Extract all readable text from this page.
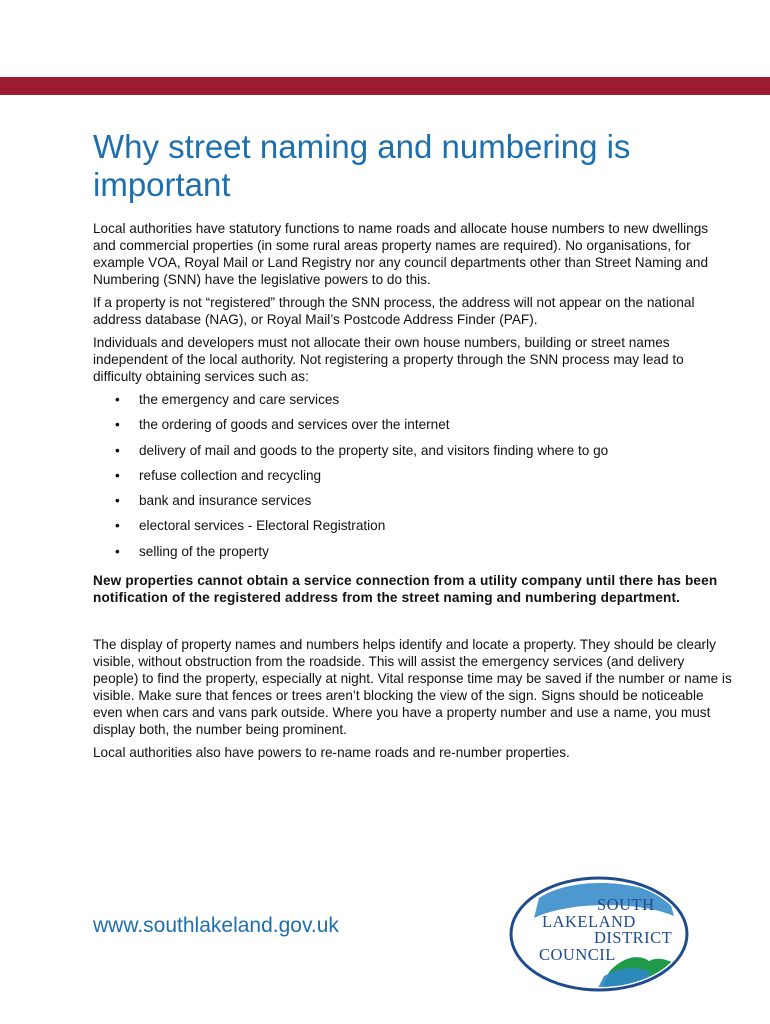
Why street naming and numbering is important

Local authorities have statutory functions to name roads and allocate house numbers to new dwellings and commercial properties (in some rural areas property names are required). No organisations, for example VOA, Royal Mail or Land Registry nor any council departments other than Street Naming and Numbering (SNN) have the legislative powers to do this.

If a property is not “registered” through the SNN process, the address will not appear on the national address database (NAG), or Royal Mail’s Postcode Address Finder (PAF).

Individuals and developers must not allocate their own house numbers, building or street names independent of the local authority. Not registering a property through the SNN process may lead to difficulty obtaining services such as:

• the emergency and care services
• the ordering of goods and services over the internet
• delivery of mail and goods to the property site, and visitors finding where to go
• refuse collection and recycling
• bank and insurance services
• electoral services - Electoral Registration
• selling of the property

New properties cannot obtain a service connection from a utility company until there has been notification of the registered address from the street naming and numbering department.

The display of property names and numbers helps identify and locate a property. They should be clearly visible, without obstruction from the roadside. This will assist the emergency services (and delivery people) to find the property, especially at night. Vital response time may be saved if the number or name is visible. Make sure that fences or trees aren’t blocking the view of the sign. Signs should be noticeable even when cars and vans park outside. Where you have a property number and use a name, you must display both, the number being prominent.

Local authorities also have powers to re-name roads and re-number properties.

www.southlakeland.gov.uk
SOUTH
LAKELAND
DISTRICT
COUNCIL
